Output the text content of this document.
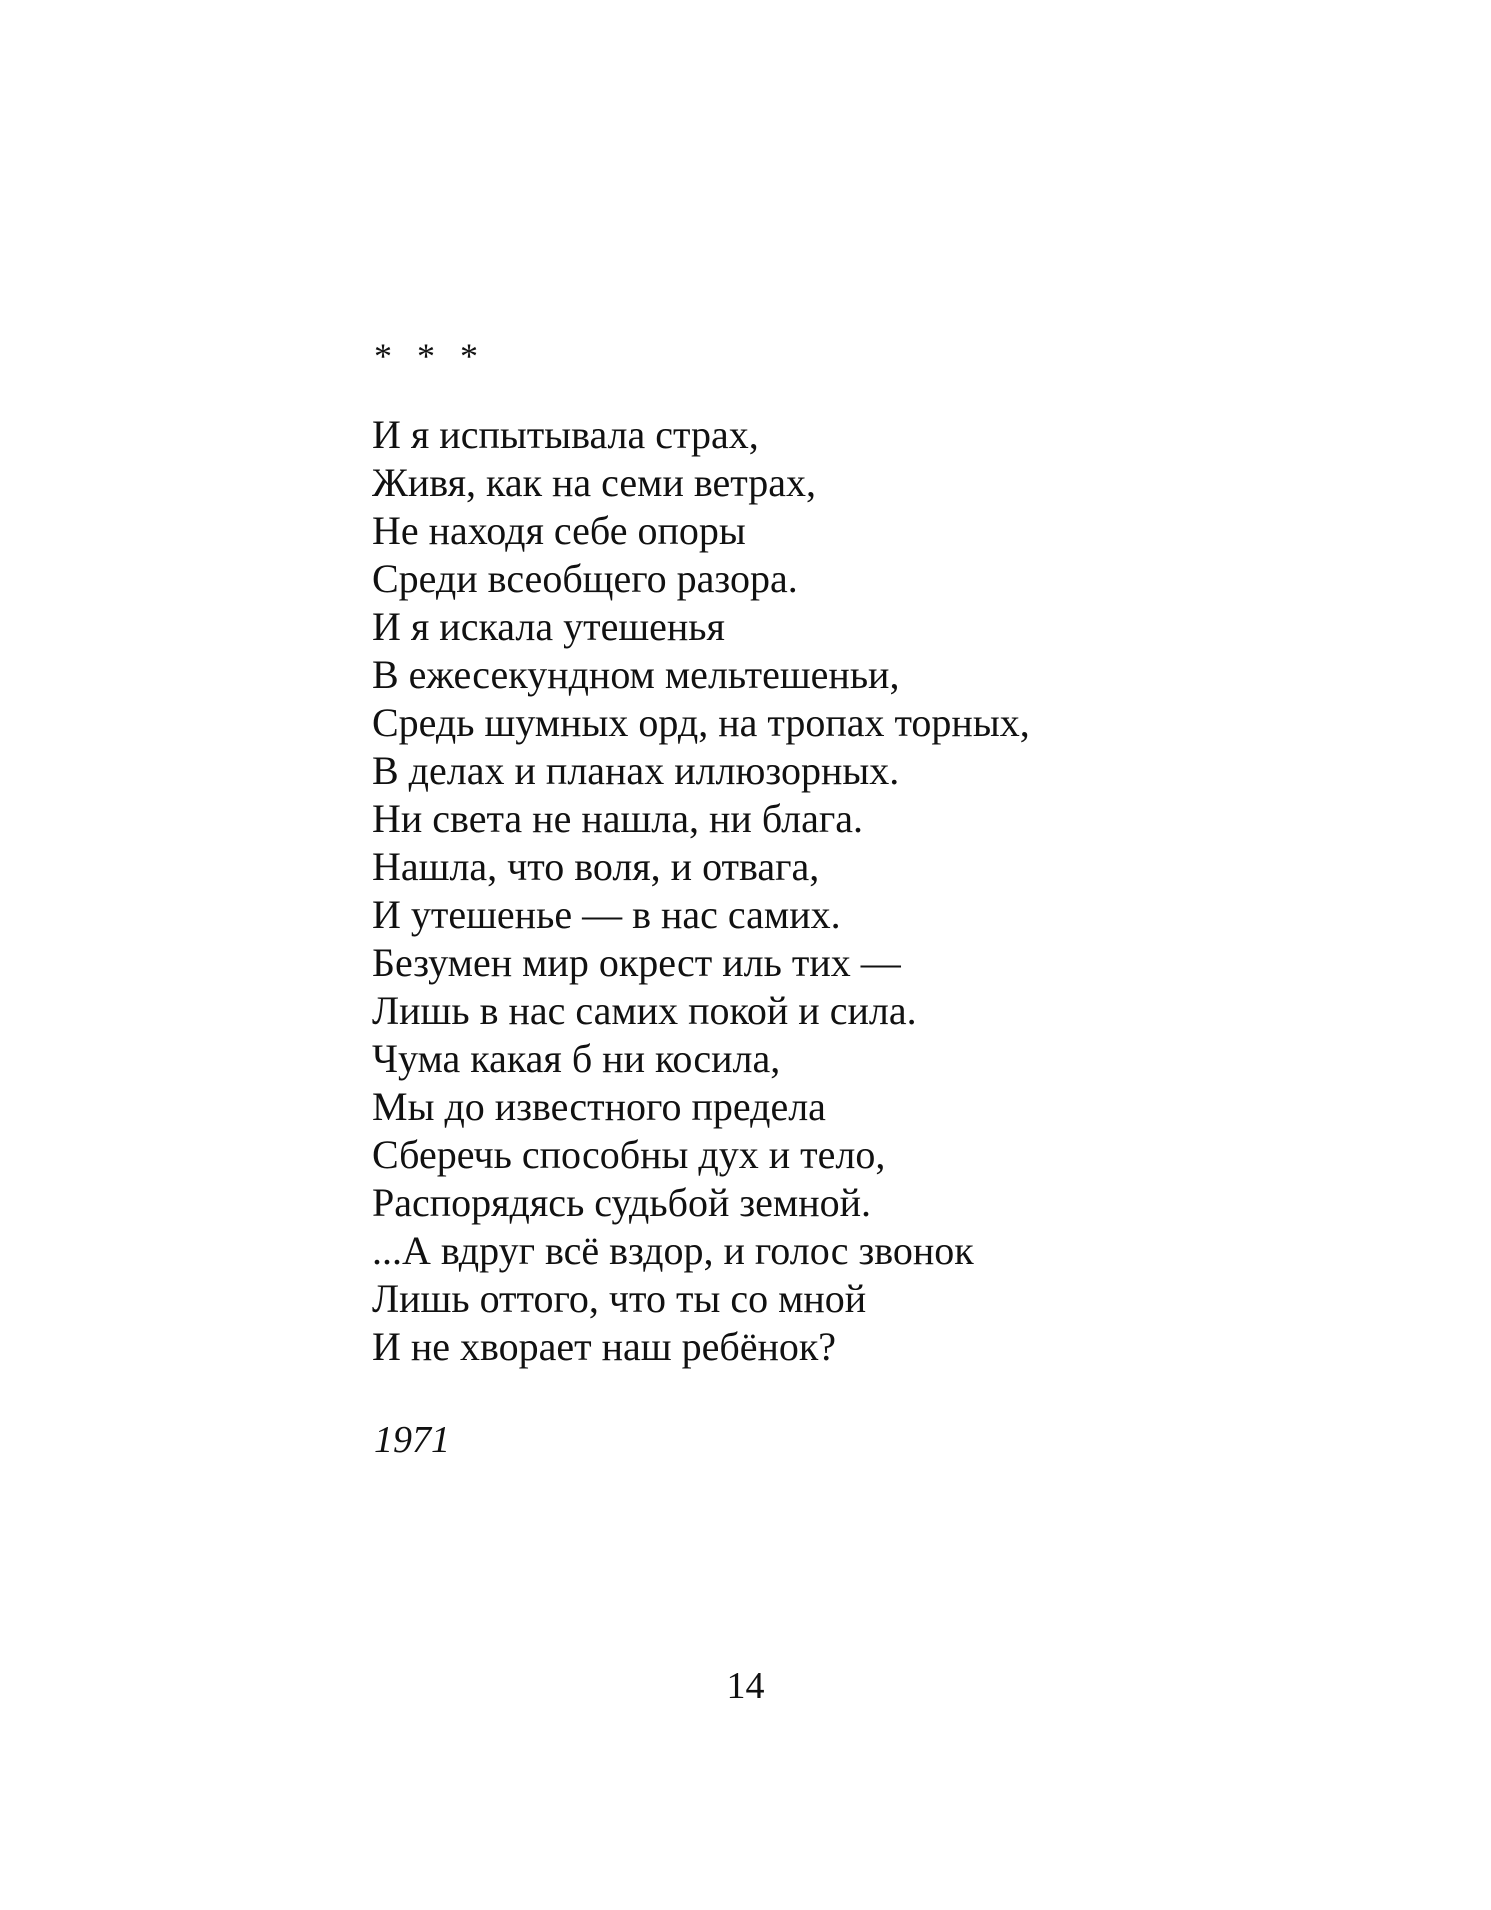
* * *

И я испытывала страх,
Живя, как на семи ветрах,
Не находя себе опоры
Среди всеобщего разора.
И я искала утешенья
В ежесекундном мельтешеньи,
Средь шумных орд, на тропах торных,
В делах и планах иллюзорных.
Ни света не нашла, ни блага.
Нашла, что воля, и отвага,
И утешенье — в нас самих.
Безумен мир окрест иль тих —
Лишь в нас самих покой и сила.
Чума какая б ни косила,
Мы до известного предела
Сберечь способны дух и тело,
Распорядясь судьбой земной.
...А вдруг всё вздор, и голос звонок
Лишь оттого, что ты со мной
И не хворает наш ребёнок?

1971

14
